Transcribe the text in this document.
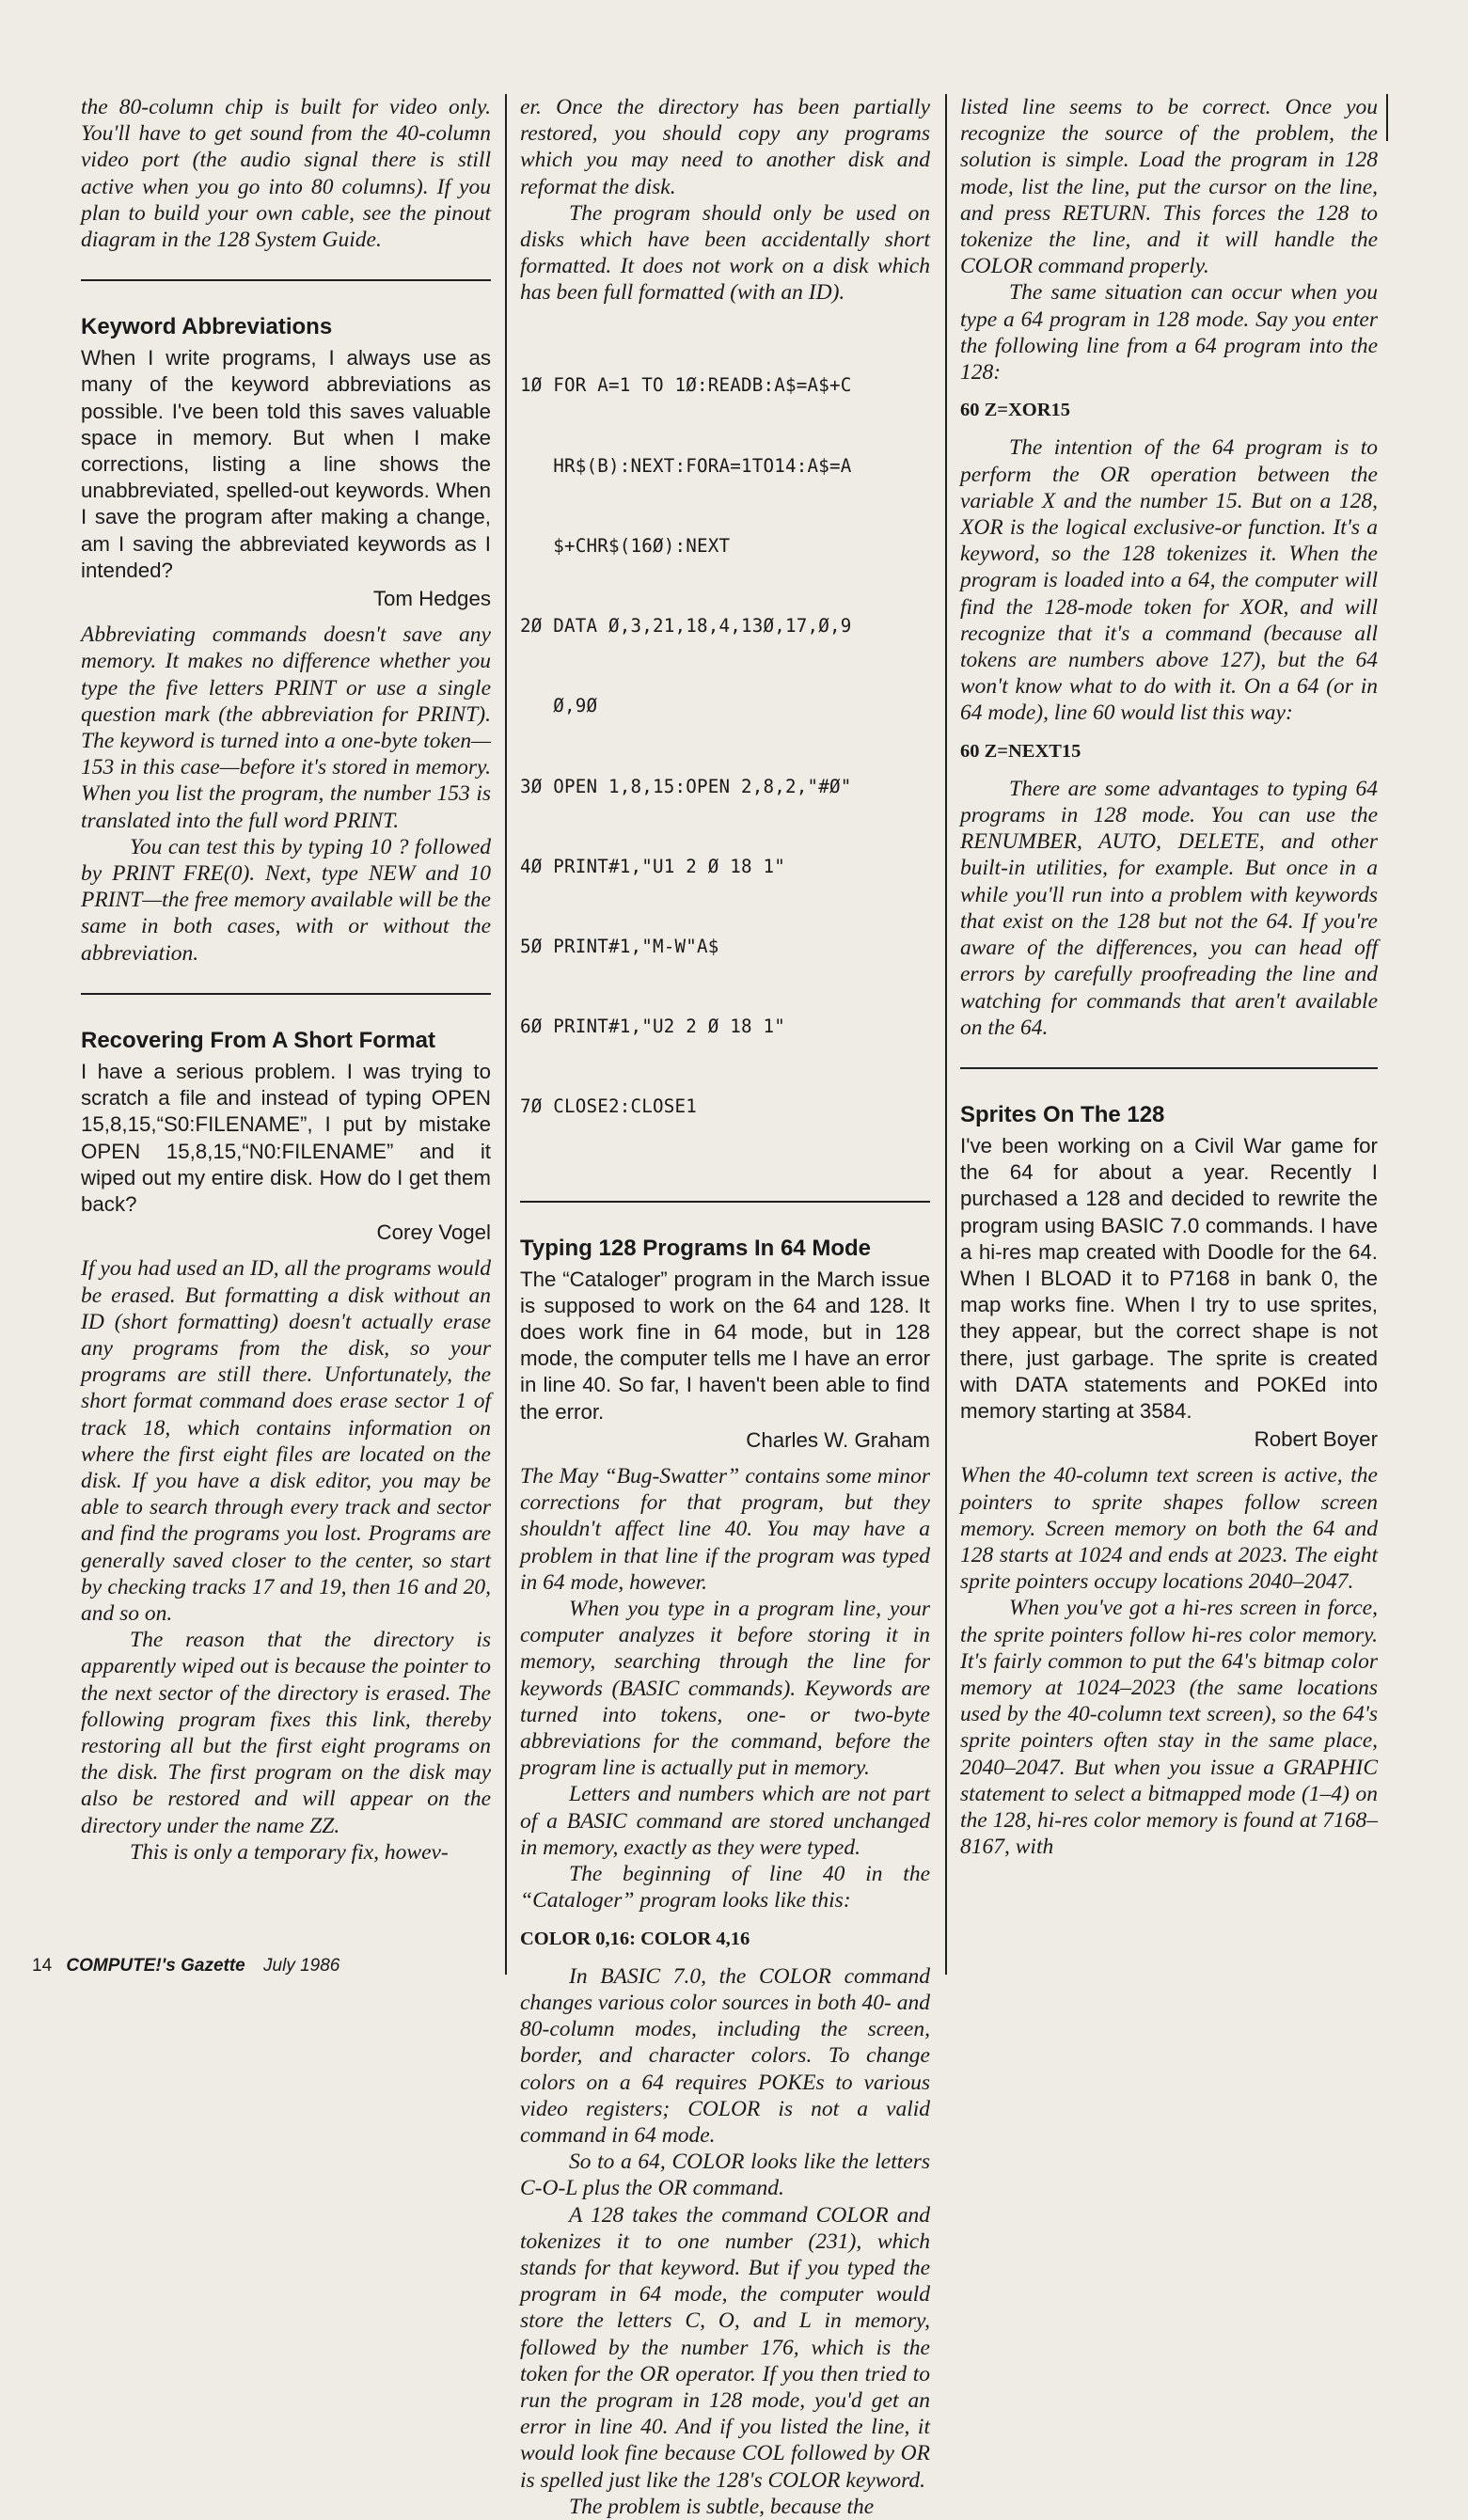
the 80-column chip is built for video only. You'll have to get sound from the 40-column video port (the audio signal there is still active when you go into 80 columns). If you plan to build your own cable, see the pinout diagram in the 128 System Guide.

Keyword Abbreviations

When I write programs, I always use as many of the keyword abbreviations as possible. I've been told this saves valuable space in memory. But when I make corrections, listing a line shows the unabbreviated, spelled-out keywords. When I save the program after making a change, am I saving the abbreviated keywords as I intended?

Tom Hedges

Abbreviating commands doesn't save any memory. It makes no difference whether you type the five letters PRINT or use a single question mark (the abbreviation for PRINT). The keyword is turned into a one-byte token—153 in this case—before it's stored in memory. When you list the program, the number 153 is translated into the full word PRINT.

You can test this by typing 10 ? followed by PRINT FRE(0). Next, type NEW and 10 PRINT—the free memory available will be the same in both cases, with or without the abbreviation.

Recovering From A Short Format

I have a serious problem. I was trying to scratch a file and instead of typing OPEN 15,8,15,“S0:FILENAME”, I put by mistake OPEN 15,8,15,“N0:FILENAME” and it wiped out my entire disk. How do I get them back?

Corey Vogel

If you had used an ID, all the programs would be erased. But formatting a disk without an ID (short formatting) doesn't actually erase any programs from the disk, so your programs are still there. Unfortunately, the short format command does erase sector 1 of track 18, which contains information on where the first eight files are located on the disk. If you have a disk editor, you may be able to search through every track and sector and find the programs you lost. Programs are generally saved closer to the center, so start by checking tracks 17 and 19, then 16 and 20, and so on.

The reason that the directory is apparently wiped out is because the pointer to the next sector of the directory is erased. The following program fixes this link, thereby restoring all but the first eight programs on the disk. The first program on the disk may also be restored and will appear on the directory under the name ZZ.

This is only a temporary fix, howev-

er. Once the directory has been partially restored, you should copy any programs which you may need to another disk and reformat the disk.

The program should only be used on disks which have been accidentally short formatted. It does not work on a disk which has been full formatted (with an ID).

1Ø FOR A=1 TO 1Ø:READB:A$=A$+C

HR$(B):NEXT:FORA=1TO14:A$=A

$+CHR$(16Ø):NEXT

2Ø DATA Ø,3,21,18,4,13Ø,17,Ø,9

Ø,9Ø

3Ø OPEN 1,8,15:OPEN 2,8,2,"#Ø"

4Ø PRINT#1,"U1 2 Ø 18 1"

5Ø PRINT#1,"M-W"A$

6Ø PRINT#1,"U2 2 Ø 18 1"

7Ø CLOSE2:CLOSE1

Typing 128 Programs In 64 Mode

The “Cataloger” program in the March issue is supposed to work on the 64 and 128. It does work fine in 64 mode, but in 128 mode, the computer tells me I have an error in line 40. So far, I haven't been able to find the error.

Charles W. Graham

The May “Bug-Swatter” contains some minor corrections for that program, but they shouldn't affect line 40. You may have a problem in that line if the program was typed in 64 mode, however.

When you type in a program line, your computer analyzes it before storing it in memory, searching through the line for keywords (BASIC commands). Keywords are turned into tokens, one- or two-byte abbreviations for the command, before the program line is actually put in memory.

Letters and numbers which are not part of a BASIC command are stored unchanged in memory, exactly as they were typed.

The beginning of line 40 in the “Cataloger” program looks like this:

COLOR 0,16: COLOR 4,16

In BASIC 7.0, the COLOR command changes various color sources in both 40- and 80-column modes, including the screen, border, and character colors. To change colors on a 64 requires POKEs to various video registers; COLOR is not a valid command in 64 mode.

So to a 64, COLOR looks like the letters C-O-L plus the OR command.

A 128 takes the command COLOR and tokenizes it to one number (231), which stands for that keyword. But if you typed the program in 64 mode, the computer would store the letters C, O, and L in memory, followed by the number 176, which is the token for the OR operator. If you then tried to run the program in 128 mode, you'd get an error in line 40. And if you listed the line, it would look fine because COL followed by OR is spelled just like the 128's COLOR keyword.

The problem is subtle, because the

listed line seems to be correct. Once you recognize the source of the problem, the solution is simple. Load the program in 128 mode, list the line, put the cursor on the line, and press RETURN. This forces the 128 to tokenize the line, and it will handle the COLOR command properly.

The same situation can occur when you type a 64 program in 128 mode. Say you enter the following line from a 64 program into the 128:

60 Z=XOR15

The intention of the 64 program is to perform the OR operation between the variable X and the number 15. But on a 128, XOR is the logical exclusive-or function. It's a keyword, so the 128 tokenizes it. When the program is loaded into a 64, the computer will find the 128-mode token for XOR, and will recognize that it's a command (because all tokens are numbers above 127), but the 64 won't know what to do with it. On a 64 (or in 64 mode), line 60 would list this way:

60 Z=NEXT15

There are some advantages to typing 64 programs in 128 mode. You can use the RENUMBER, AUTO, DELETE, and other built-in utilities, for example. But once in a while you'll run into a problem with keywords that exist on the 128 but not the 64. If you're aware of the differences, you can head off errors by carefully proofreading the line and watching for commands that aren't available on the 64.

Sprites On The 128

I've been working on a Civil War game for the 64 for about a year. Recently I purchased a 128 and decided to rewrite the program using BASIC 7.0 commands. I have a hi-res map created with Doodle for the 64. When I BLOAD it to P7168 in bank 0, the map works fine. When I try to use sprites, they appear, but the correct shape is not there, just garbage. The sprite is created with DATA statements and POKEd into memory starting at 3584.

Robert Boyer

When the 40-column text screen is active, the pointers to sprite shapes follow screen memory. Screen memory on both the 64 and 128 starts at 1024 and ends at 2023. The eight sprite pointers occupy locations 2040–2047.

When you've got a hi-res screen in force, the sprite pointers follow hi-res color memory. It's fairly common to put the 64's bitmap color memory at 1024–2023 (the same locations used by the 40-column text screen), so the 64's sprite pointers often stay in the same place, 2040–2047. But when you issue a GRAPHIC statement to select a bitmapped mode (1–4) on the 128, hi-res color memory is found at 7168–8167, with

14 COMPUTE!'s Gazette July 1986
